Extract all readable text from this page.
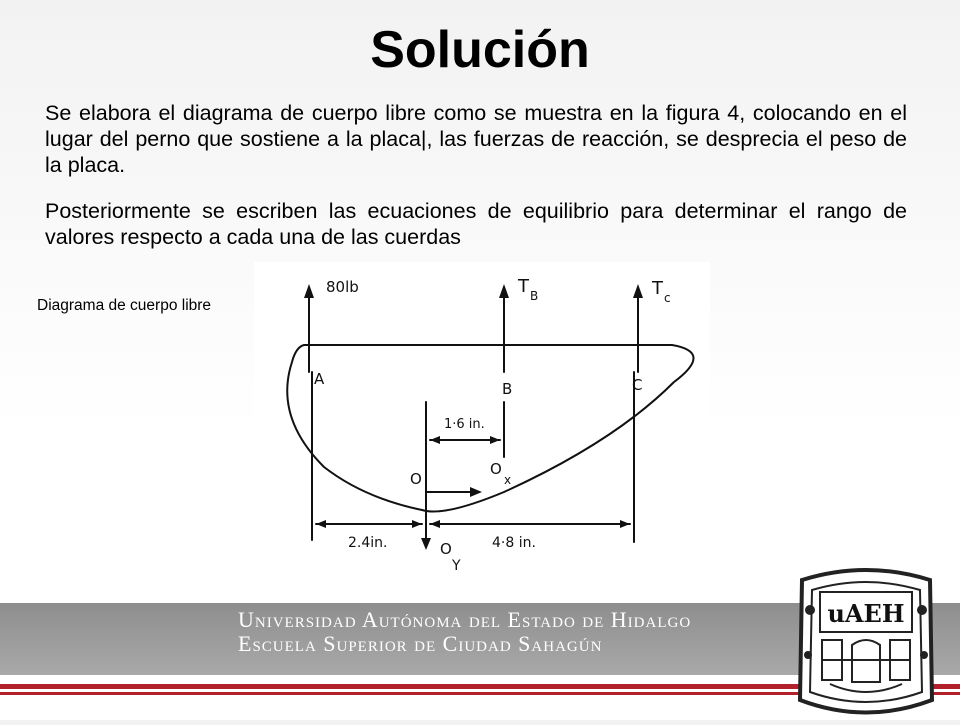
Solución
Se elabora el diagrama de cuerpo libre como se muestra en la figura 4, colocando en el lugar del perno que sostiene a la placa|, las fuerzas de reacción, se desprecia el peso de la placa.
Posteriormente se escriben las ecuaciones de equilibrio para determinar el rango de valores respecto a cada una de las cuerdas
80lb	T B	T c
A
B	C
O
O
x
O
Y
1·6 in.
2.4in.	4·8 in.
Diagrama de cuerpo libre
Universidad Autónoma del Estado de Hidalgo
Escuela Superior de Ciudad Sahagún
uAEH
